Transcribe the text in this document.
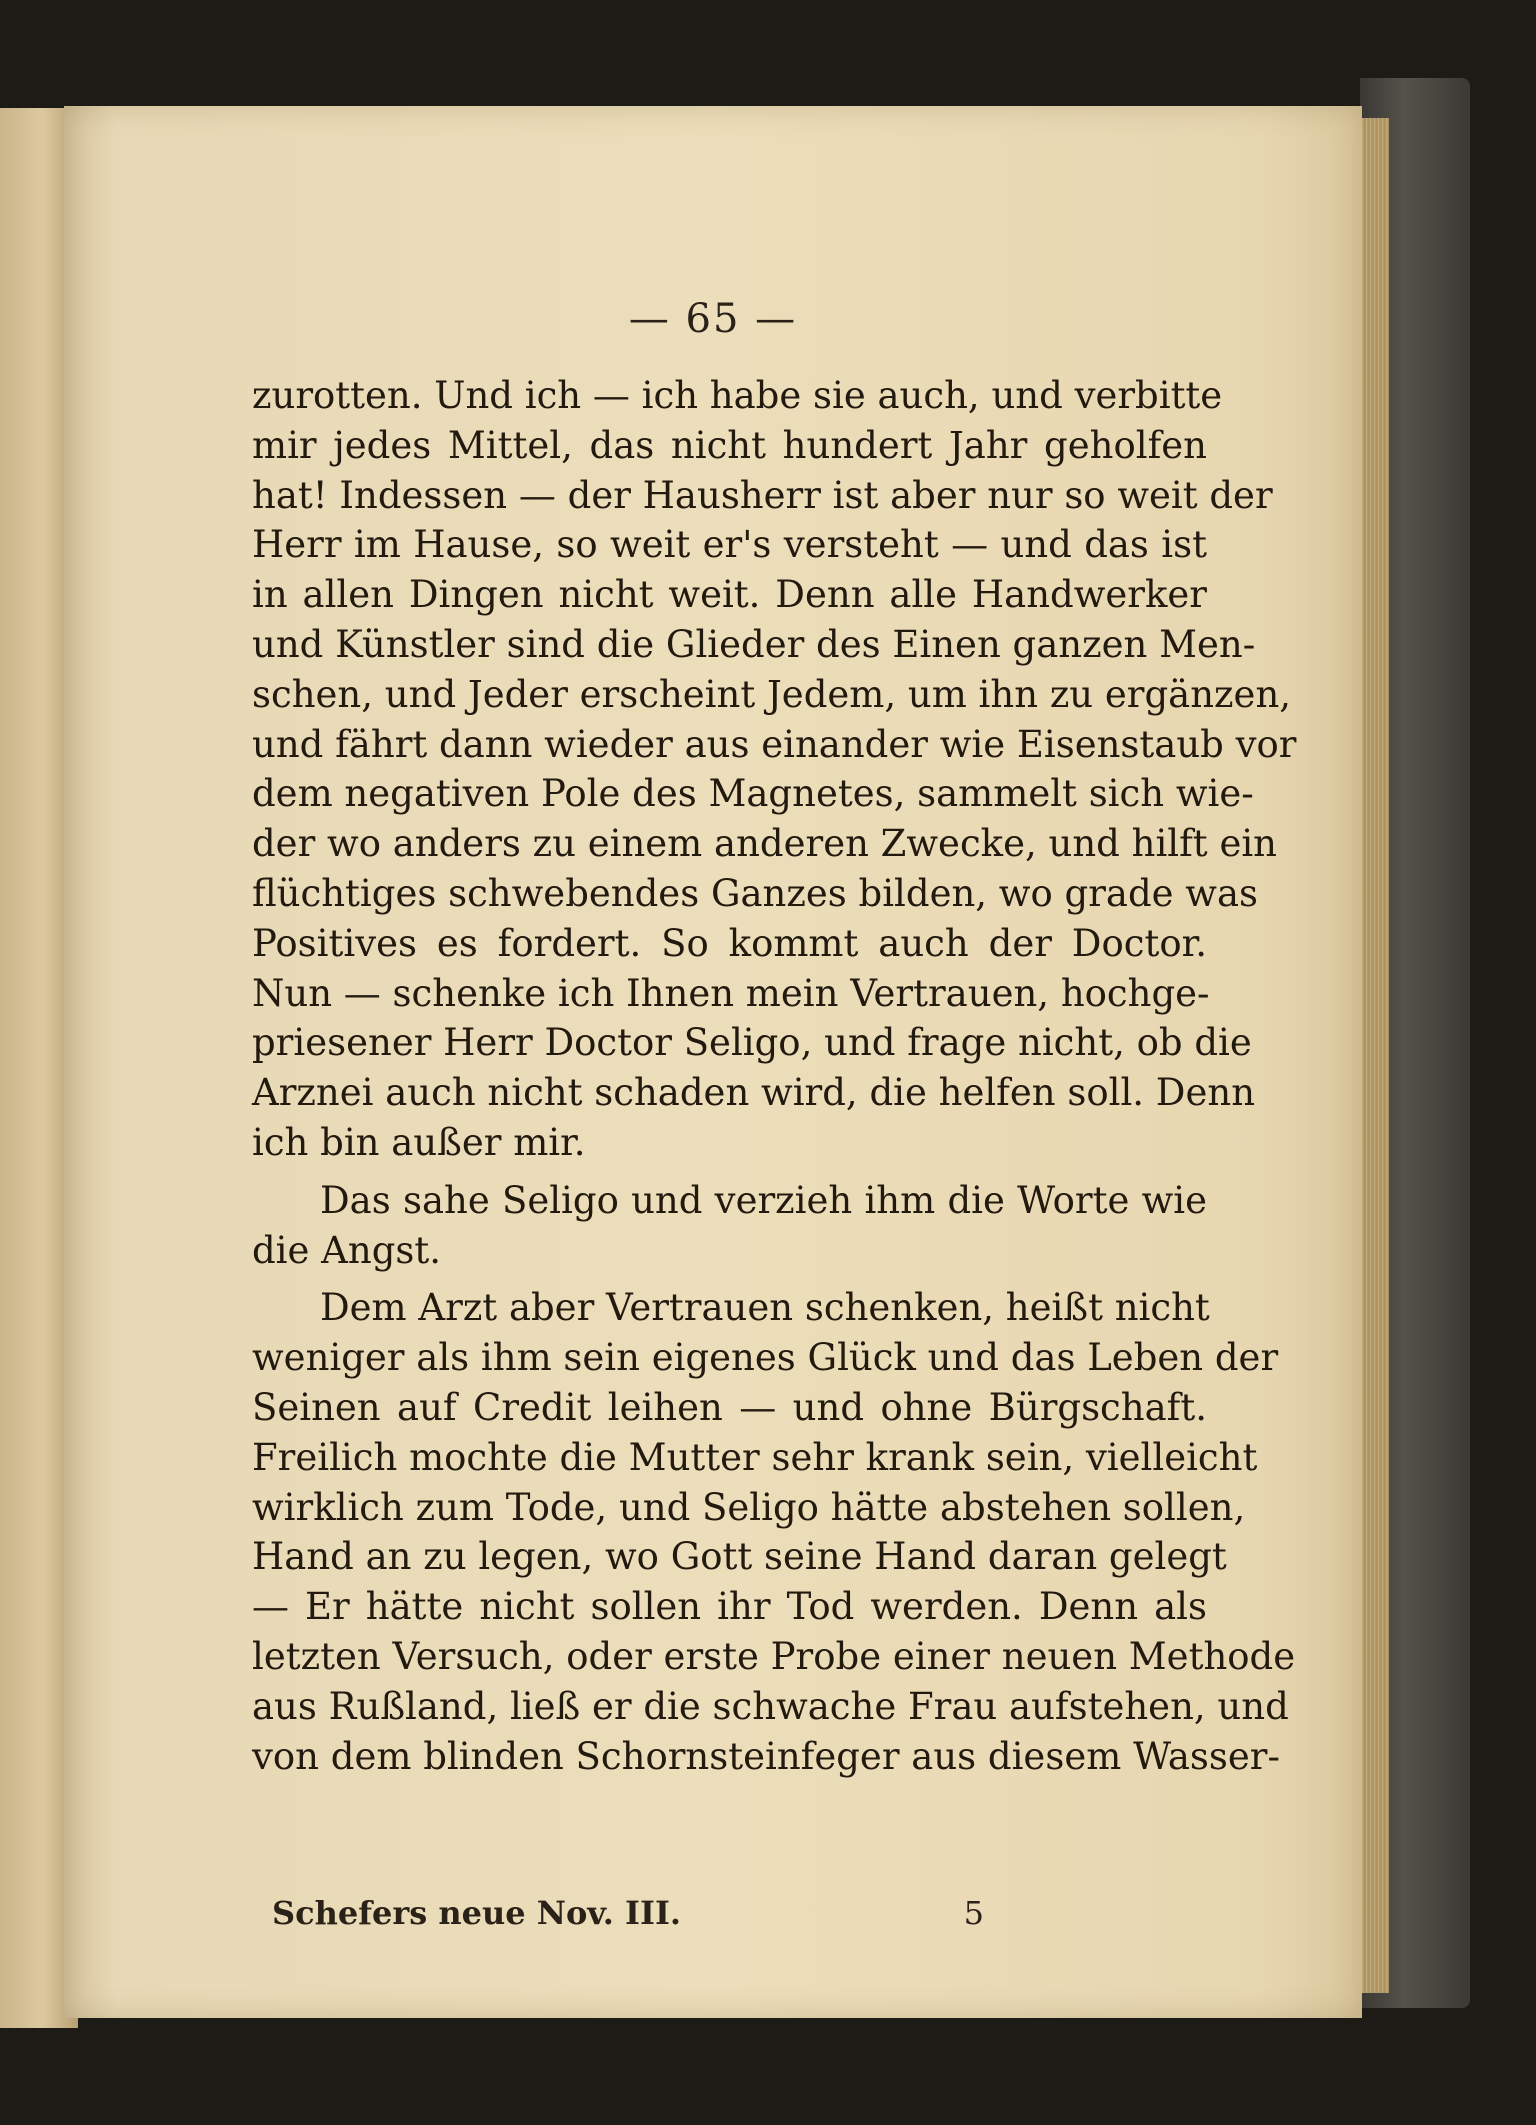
— 65 —
zurotten. Und ich — ich habe sie auch, und verbitte
mir jedes Mittel, das nicht hundert Jahr geholfen
hat! Indessen — der Hausherr ist aber nur so weit der
Herr im Hause, so weit er's versteht — und das ist
in allen Dingen nicht weit. Denn alle Handwerker
und Künstler sind die Glieder des Einen ganzen Men-
schen, und Jeder erscheint Jedem, um ihn zu ergänzen,
und fährt dann wieder aus einander wie Eisenstaub vor
dem negativen Pole des Magnetes, sammelt sich wie-
der wo anders zu einem anderen Zwecke, und hilft ein
flüchtiges schwebendes Ganzes bilden, wo grade was
Positives es fordert. So kommt auch der Doctor.
Nun — schenke ich Ihnen mein Vertrauen, hochge-
priesener Herr Doctor Seligo, und frage nicht, ob die
Arznei auch nicht schaden wird, die helfen soll. Denn
ich bin außer mir.
Das sahe Seligo und verzieh ihm die Worte wie
die Angst.
Dem Arzt aber Vertrauen schenken, heißt nicht
weniger als ihm sein eigenes Glück und das Leben der
Seinen auf Credit leihen — und ohne Bürgschaft.
Freilich mochte die Mutter sehr krank sein, vielleicht
wirklich zum Tode, und Seligo hätte abstehen sollen,
Hand an zu legen, wo Gott seine Hand daran gelegt
— Er hätte nicht sollen ihr Tod werden. Denn als
letzten Versuch, oder erste Probe einer neuen Methode
aus Rußland, ließ er die schwache Frau aufstehen, und
von dem blinden Schornsteinfeger aus diesem Wasser-
Schefers neue Nov. III.	5
